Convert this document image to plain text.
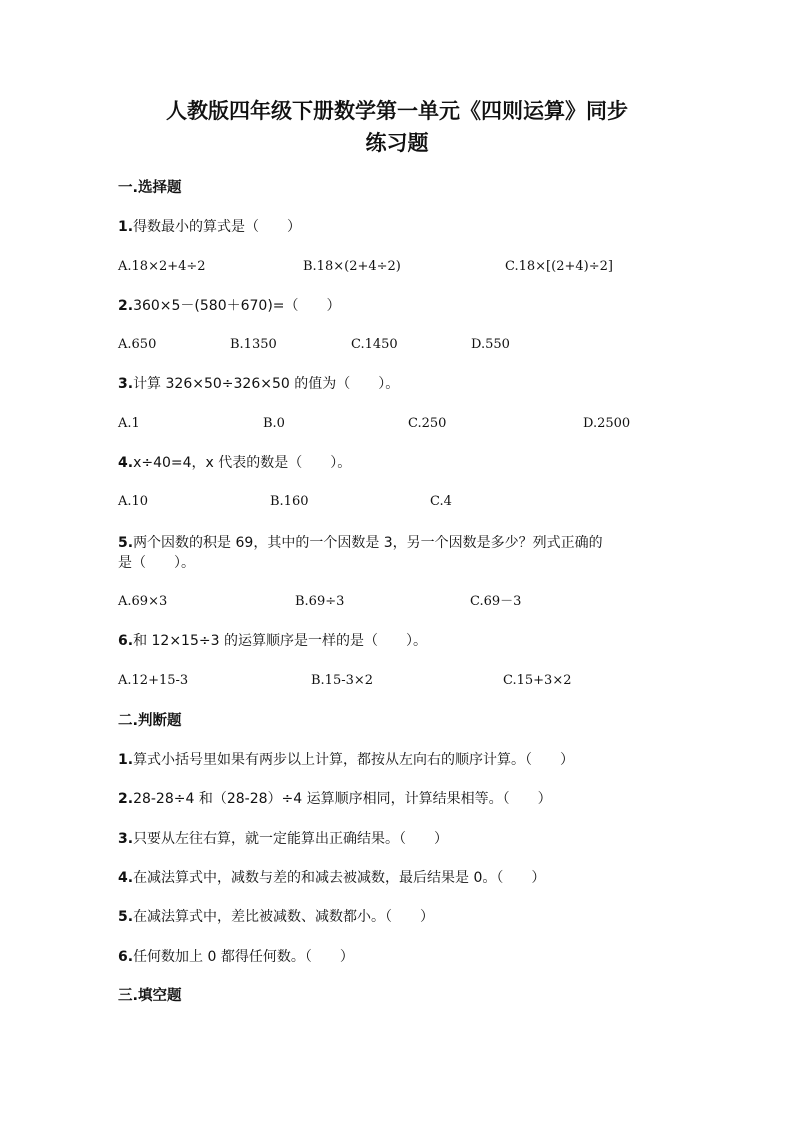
人教版四年级下册数学第一单元《四则运算》同步
练习题
一.选择题
1.得数最小的算式是（　　）
A.18×2+4÷2	B.18×(2+4÷2)	C.18×[(2+4)÷2]
2.360×5－(580＋670)=（　　）
A.650	B.1350	C.1450	D.550
3.计算 326×50÷326×50 的值为（　　）。
A.1	B.0	C.250	D.2500
4.x÷40=4，x 代表的数是（　　）。
A.10	B.160	C.4
5.两个因数的积是 69，其中的一个因数是 3，另一个因数是多少？列式正确的
是（　　）。
A.69×3	B.69÷3	C.69－3
6.和 12×15÷3 的运算顺序是一样的是（　　）。
A.12+15-3	B.15-3×2	C.15+3×2
二.判断题
1.算式小括号里如果有两步以上计算，都按从左向右的顺序计算。（　　）
2.28-28÷4 和（28-28）÷4 运算顺序相同，计算结果相等。（　　）
3.只要从左往右算，就一定能算出正确结果。（　　）
4.在减法算式中，减数与差的和减去被减数，最后结果是 0。（　　）
5.在减法算式中，差比被减数、减数都小。（　　）
6.任何数加上 0 都得任何数。（　　）
三.填空题
